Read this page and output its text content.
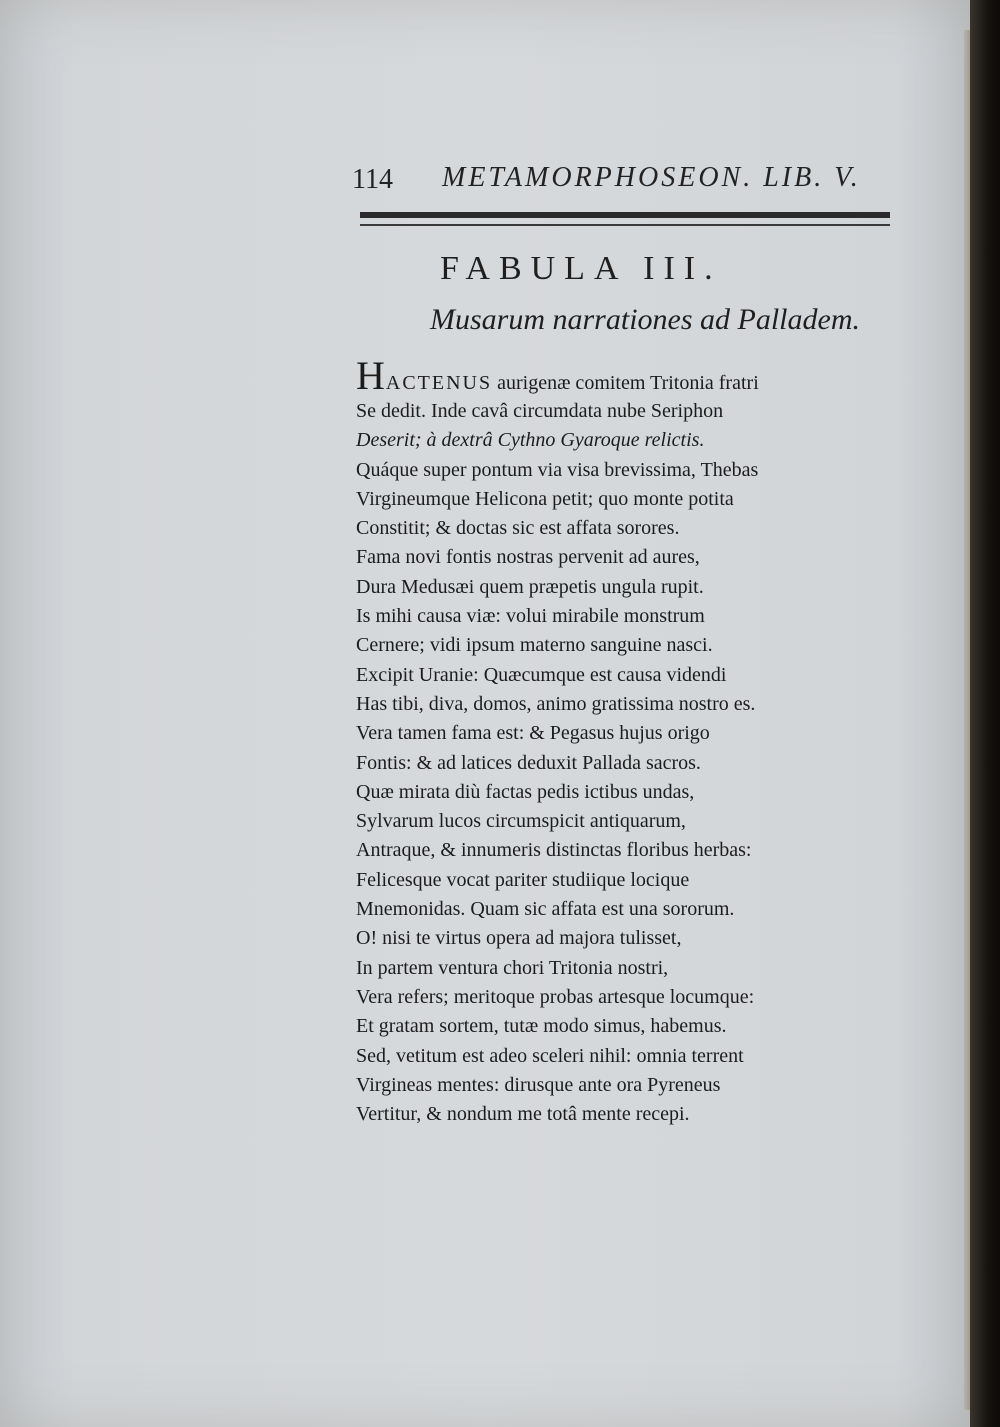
114 METAMORPHOSEON. LIB. V.
FABULA III.
Musarum narrationes ad Palladem.
HACTENUS aurigenæ comitem Tritonia fratri
Se dedit. Inde cavâ circumdata nube Seriphon
Deserit; à dextrâ Cythno Gyaroque relictis.
Quáque super pontum via visa brevissima, Thebas
Virgineumque Helicona petit; quo monte potita
Constitit; & doctas sic est affata sorores.
Fama novi fontis nostras pervenit ad aures,
Dura Medusæi quem præpetis ungula rupit.
Is mihi causa viæ: volui mirabile monstrum
Cernere; vidi ipsum materno sanguine nasci.
Excipit Uranie: Quæcumque est causa videndi
Has tibi, diva, domos, animo gratissima nostro es.
Vera tamen fama est: & Pegasus hujus origo
Fontis: & ad latices deduxit Pallada sacros.
Quæ mirata diù factas pedis ictibus undas,
Sylvarum lucos circumspicit antiquarum,
Antraque, & innumeris distinctas floribus herbas:
Felicesque vocat pariter studiique locique
Mnemonidas. Quam sic affata est una sororum.
O! nisi te virtus opera ad majora tulisset,
In partem ventura chori Tritonia nostri,
Vera refers; meritoque probas artesque locumque:
Et gratam sortem, tutæ modo simus, habemus.
Sed, vetitum est adeo sceleri nihil: omnia terrent
Virgineas mentes: dirusque ante ora Pyreneus
Vertitur, & nondum me totâ mente recepi.
